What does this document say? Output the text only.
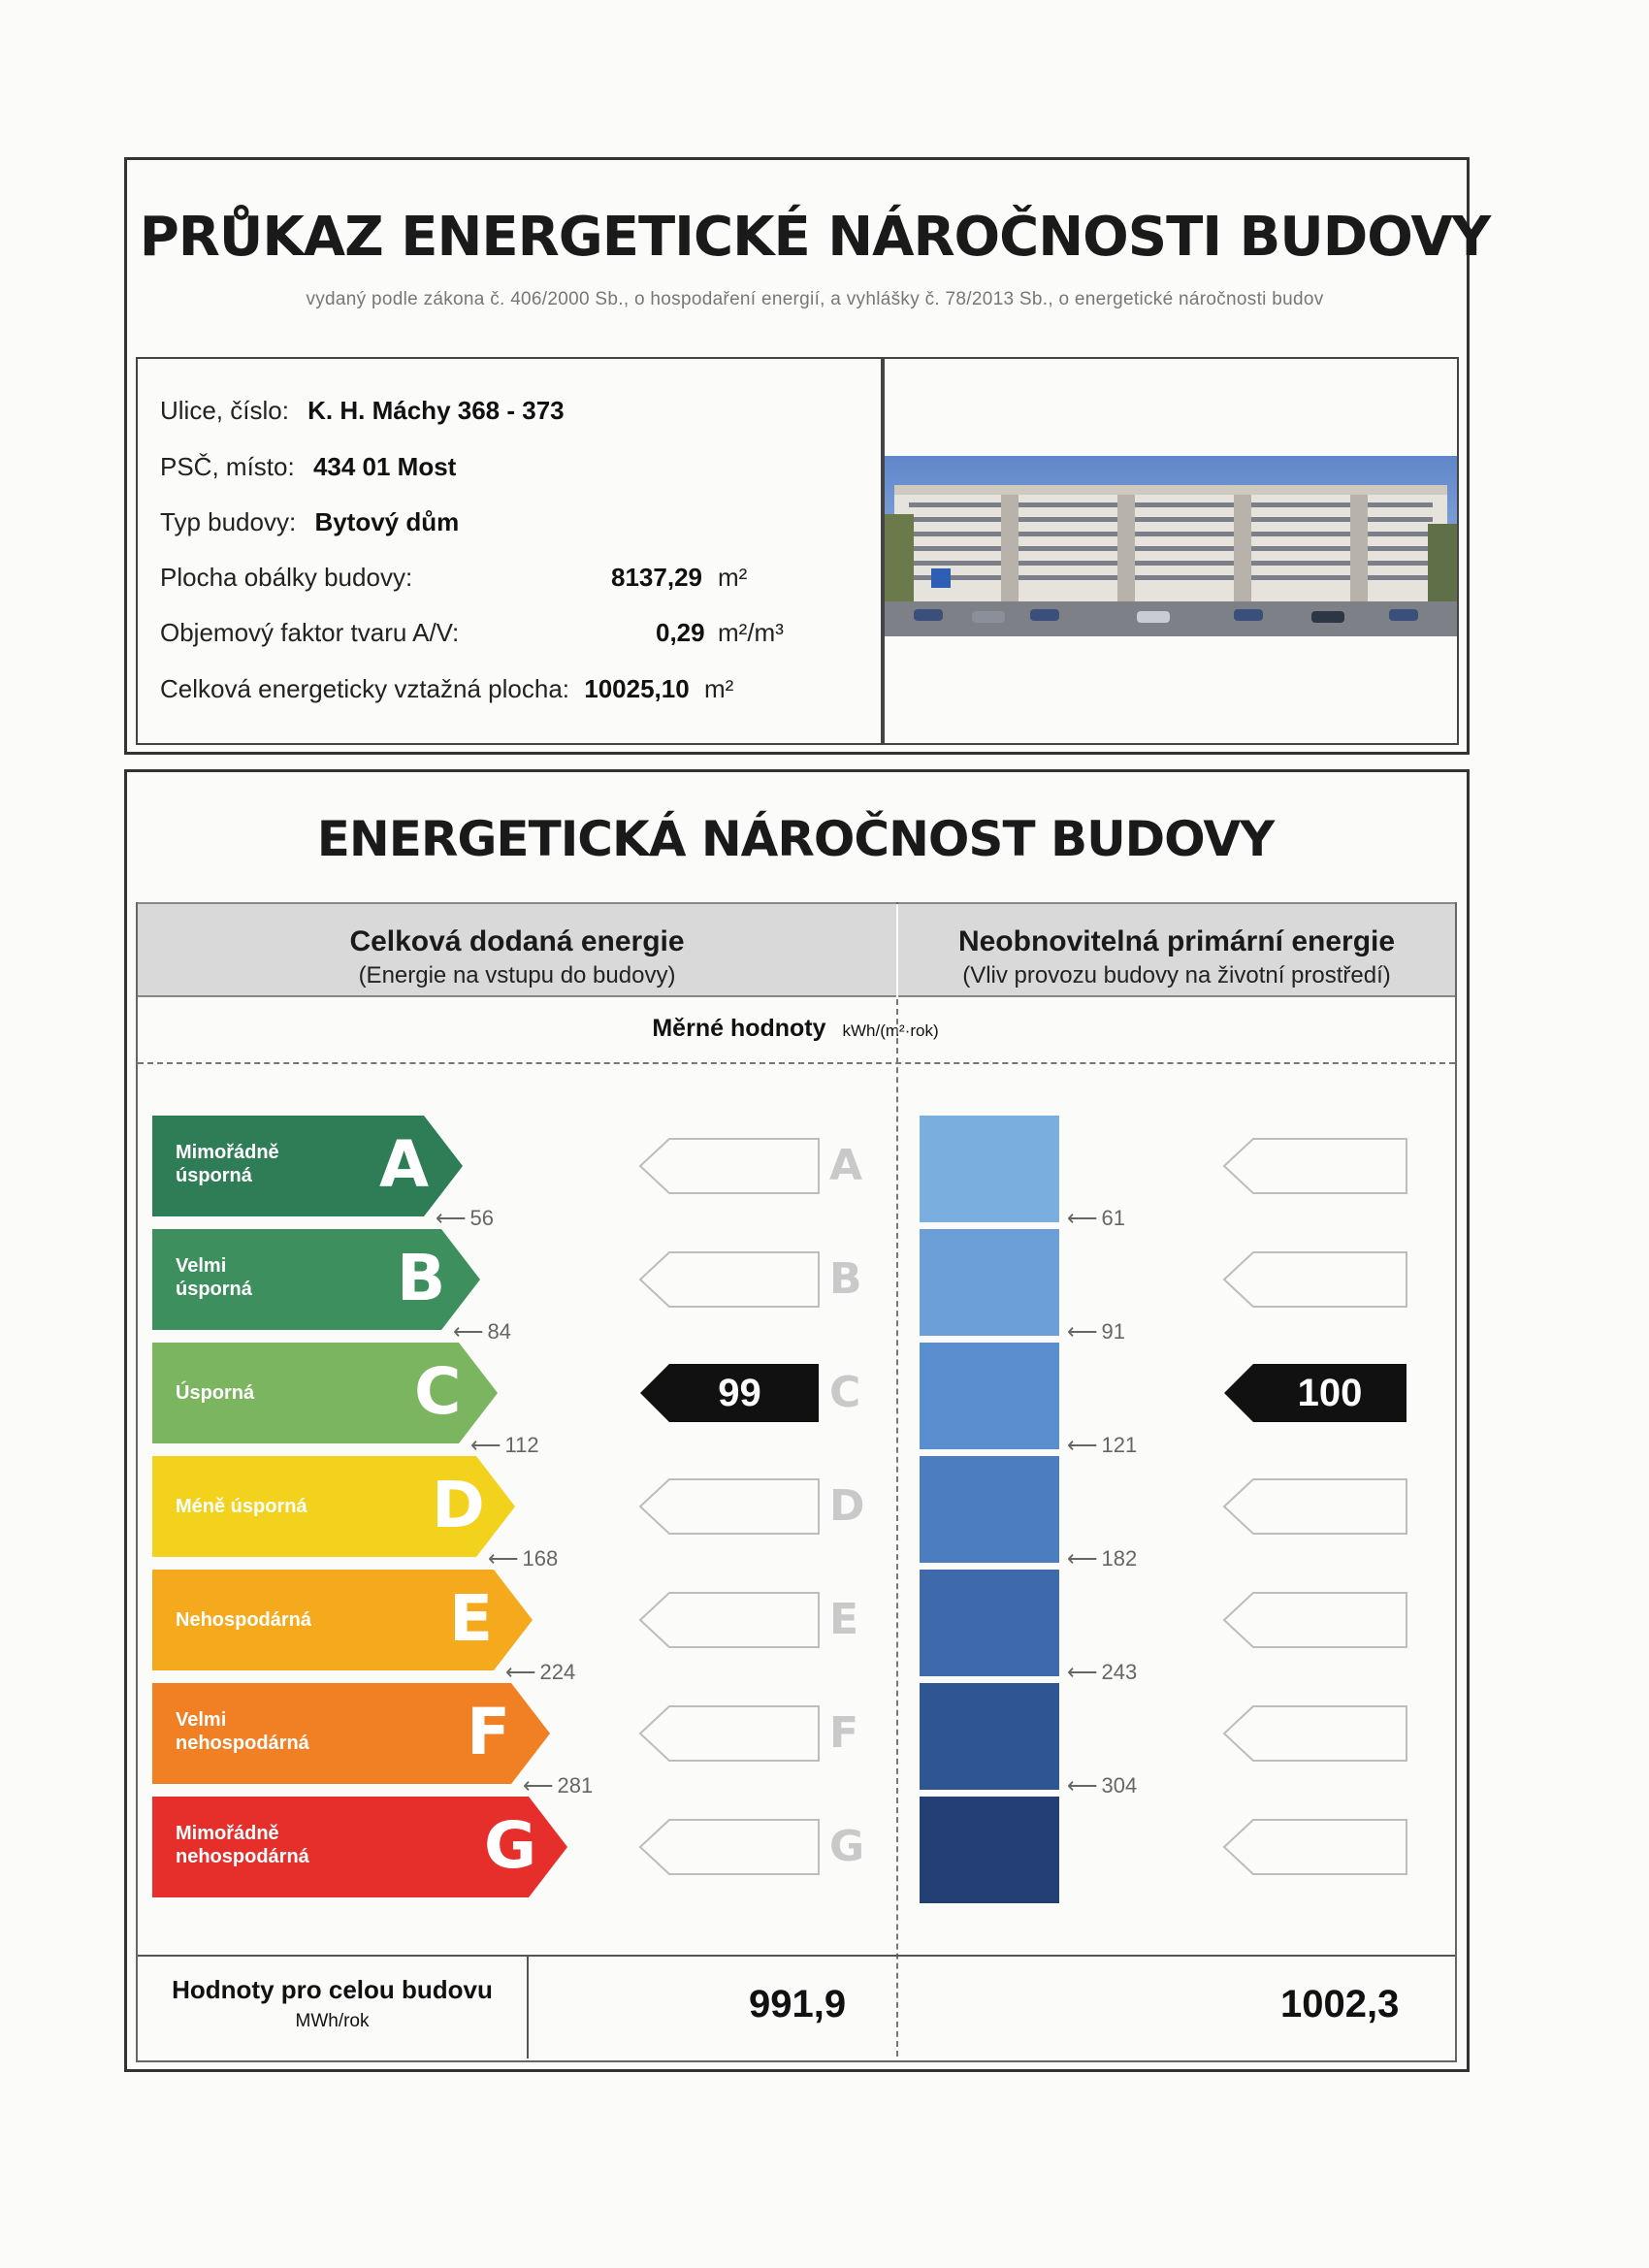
PRŮKAZ ENERGETICKÉ NÁROČNOSTI BUDOVY
vydaný podle zákona č. 406/2000 Sb., o hospodaření energií, a vyhlášky č. 78/2013 Sb., o energetické náročnosti budov
Ulice, číslo: K. H. Máchy 368 - 373
PSČ, místo: 434 01 Most
Typ budovy: Bytový dům
Plocha obálky budovy:	8137,29 m²
Objemový faktor tvaru A/V:	0,29 m²/m³
Celková energeticky vztažná plocha: 10025,10 m²
ENERGETICKÁ NÁROČNOST BUDOVY
Celková dodaná energie
(Energie na vstupu do budovy)
Neobnovitelná primární energie
(Vliv provozu budovy na životní prostředí)
Měrné hodnoty kWh/(m²·rok)
Mimořádně
úsporná	A	A
Velmi
úsporná B	B
Úsporná C	99	C	100
Méně úsporná D	D
Nehospodárná E	E
Velmi
nehospodárná F	F
Mimořádně
nehospodárná	G	G
⟵ 56
⟵ 84
⟵ 112
⟵ 168
⟵ 224
⟵ 281
⟵ 61
⟵ 91
⟵ 121
⟵ 182
⟵ 243
⟵ 304
Hodnoty pro celou budovu
MWh/rok	991,9	1002,3
